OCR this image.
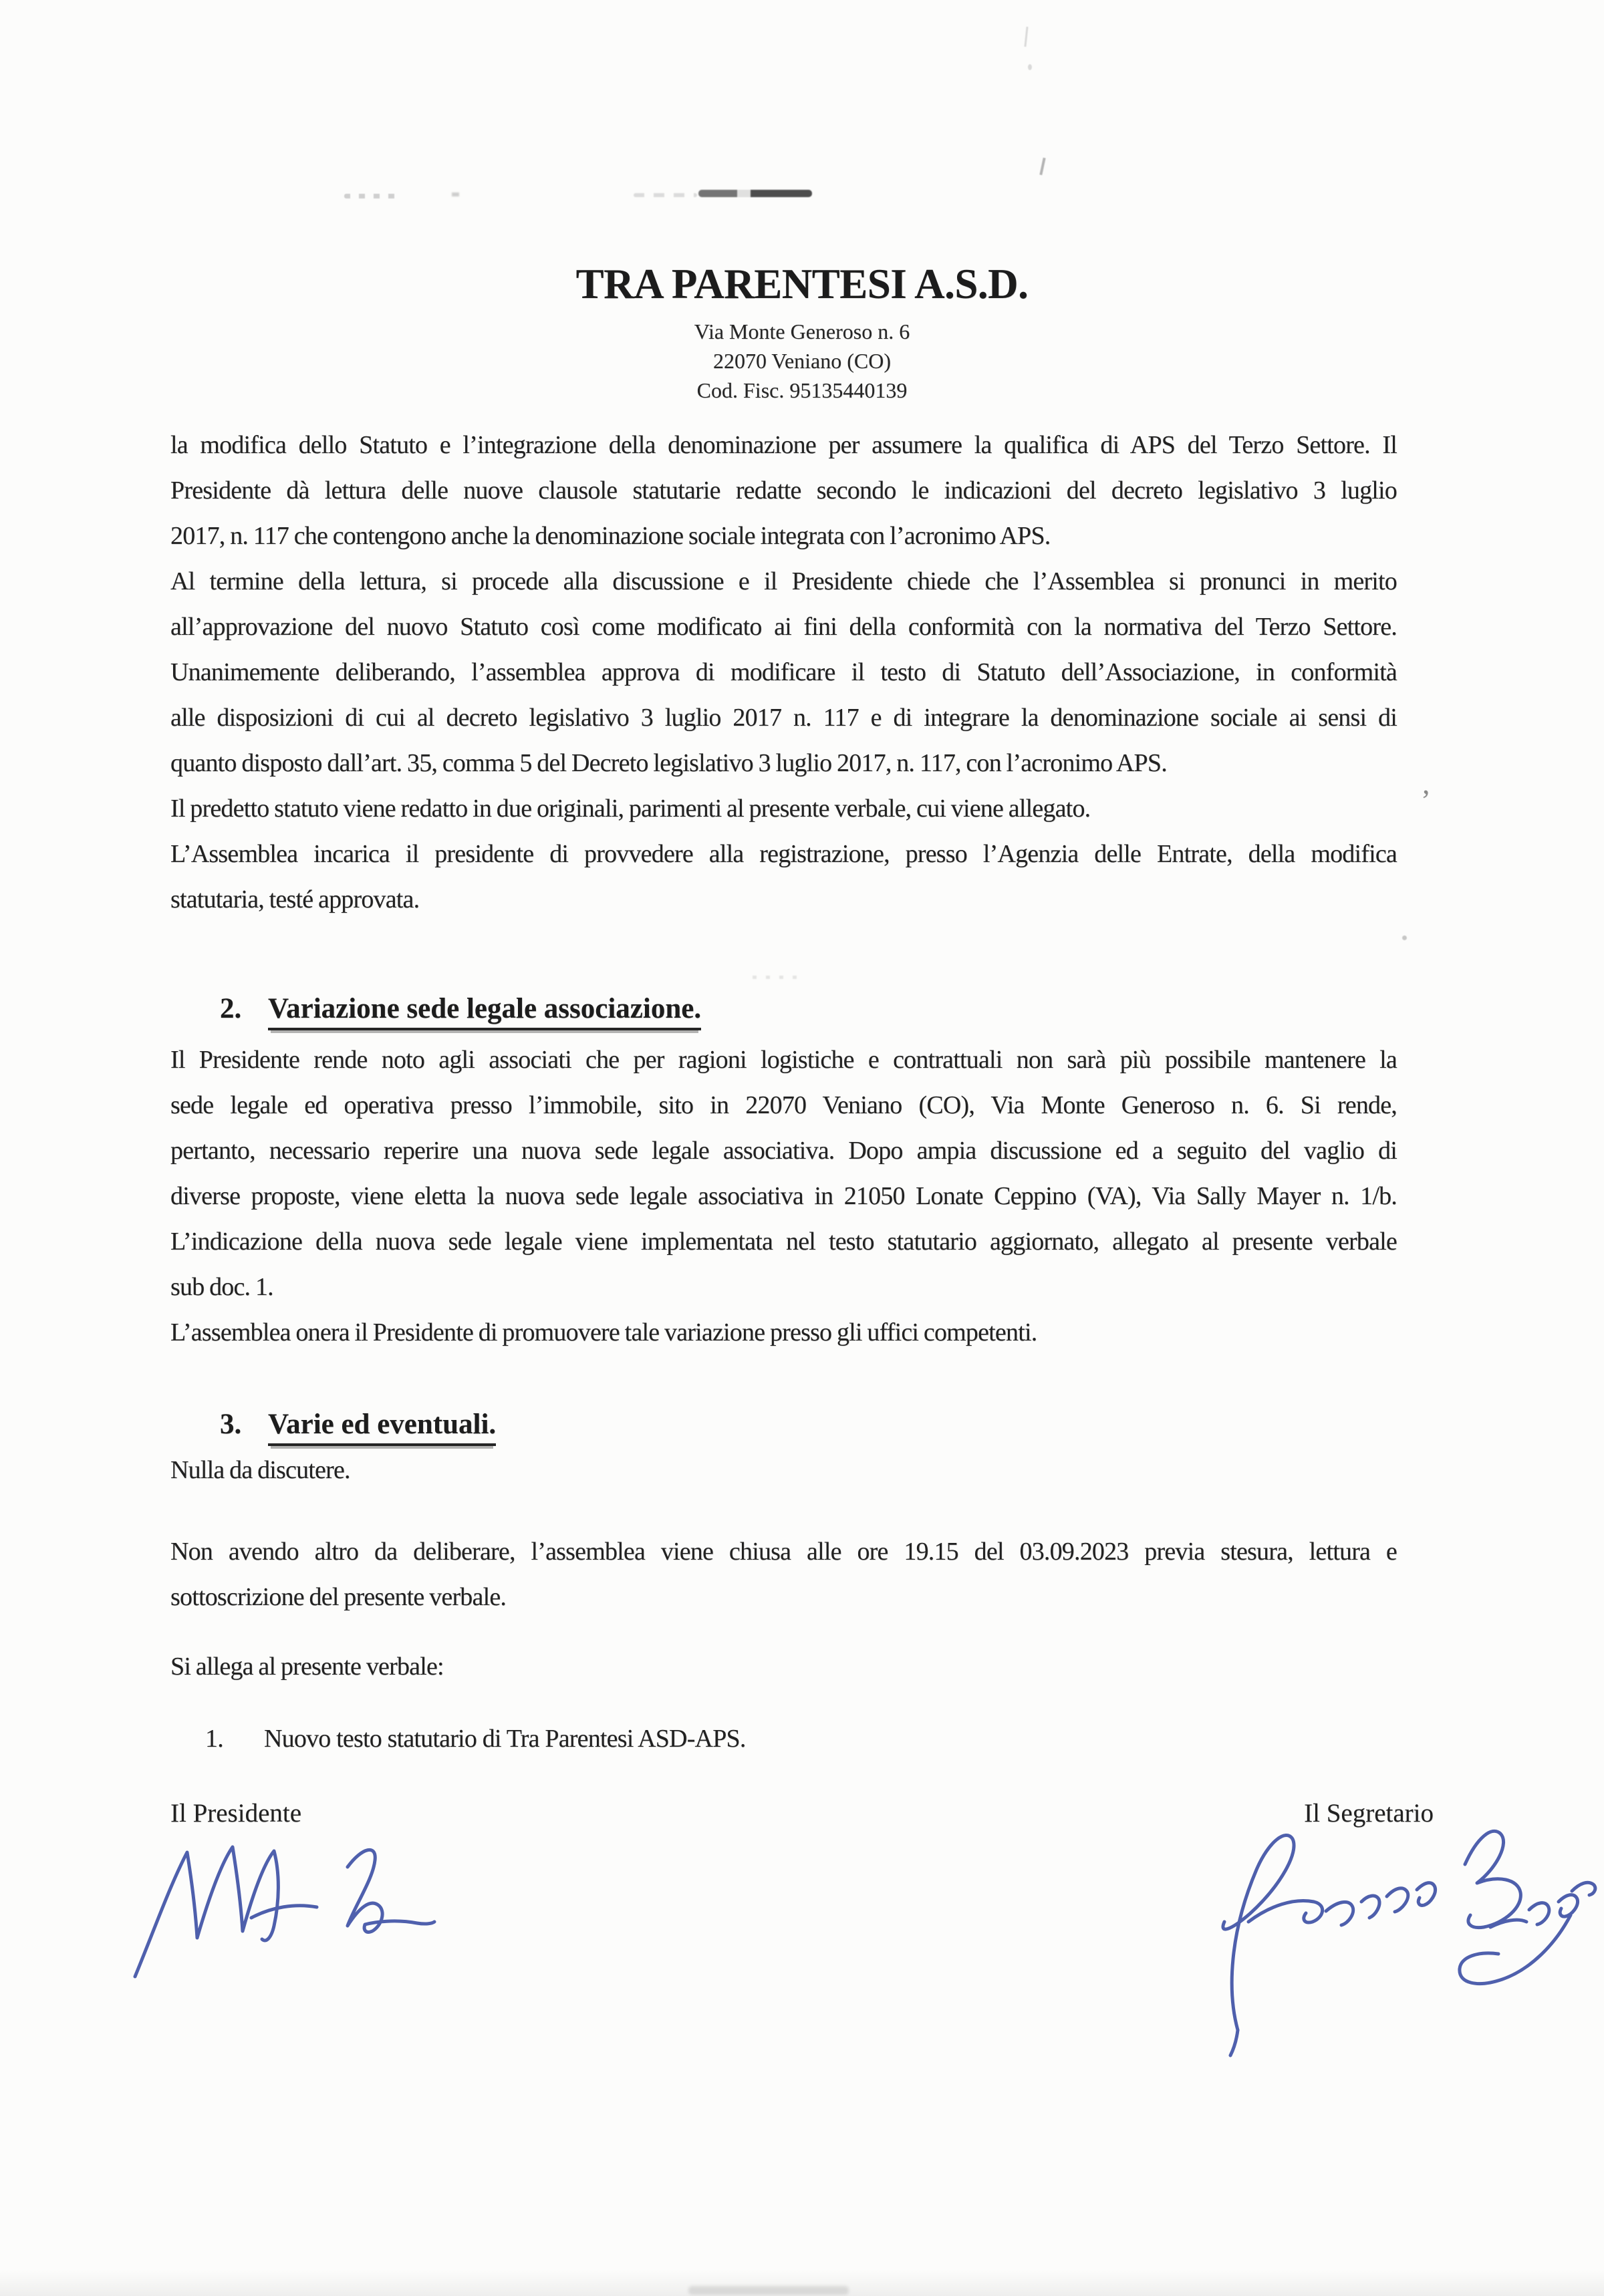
’
TRA PARENTESI A.S.D.
Via Monte Generoso n. 6
22070 Veniano (CO)
Cod. Fisc. 95135440139
la modifica dello Statuto e l’integrazione della denominazione per assumere la qualifica di APS del Terzo Settore. Il
Presidente dà lettura delle nuove clausole statutarie redatte secondo le indicazioni del decreto legislativo 3 luglio
2017, n. 117 che contengono anche la denominazione sociale integrata con l’acronimo APS.
Al termine della lettura, si procede alla discussione e il Presidente chiede che l’Assemblea si pronunci in merito
all’approvazione del nuovo Statuto così come modificato ai fini della conformità con la normativa del Terzo Settore.
Unanimemente deliberando, l’assemblea approva di modificare il testo di Statuto dell’Associazione, in conformità
alle disposizioni di cui al decreto legislativo 3 luglio 2017 n. 117 e di integrare la denominazione sociale ai sensi di
quanto disposto dall’art. 35, comma 5 del Decreto legislativo 3 luglio 2017, n. 117, con l’acronimo APS.
Il predetto statuto viene redatto in due originali, parimenti al presente verbale, cui viene allegato.
L’Assemblea incarica il presidente di provvedere alla registrazione, presso l’Agenzia delle Entrate, della modifica
statutaria, testé approvata.
2. Variazione sede legale associazione.
Il Presidente rende noto agli associati che per ragioni logistiche e contrattuali non sarà più possibile mantenere la
sede legale ed operativa presso l’immobile, sito in 22070 Veniano (CO), Via Monte Generoso n. 6. Si rende,
pertanto, necessario reperire una nuova sede legale associativa. Dopo ampia discussione ed a seguito del vaglio di
diverse proposte, viene eletta la nuova sede legale associativa in 21050 Lonate Ceppino (VA), Via Sally Mayer n. 1/b.
L’indicazione della nuova sede legale viene implementata nel testo statutario aggiornato, allegato al presente verbale
sub doc. 1.
L’assemblea onera il Presidente di promuovere tale variazione presso gli uffici competenti.
3. Varie ed eventuali.
Nulla da discutere.
Non avendo altro da deliberare, l’assemblea viene chiusa alle ore 19.15 del 03.09.2023 previa stesura, lettura e
sottoscrizione del presente verbale.
Si allega al presente verbale:
1. Nuovo testo statutario di Tra Parentesi ASD-APS.
Il Presidente	Il Segretario
